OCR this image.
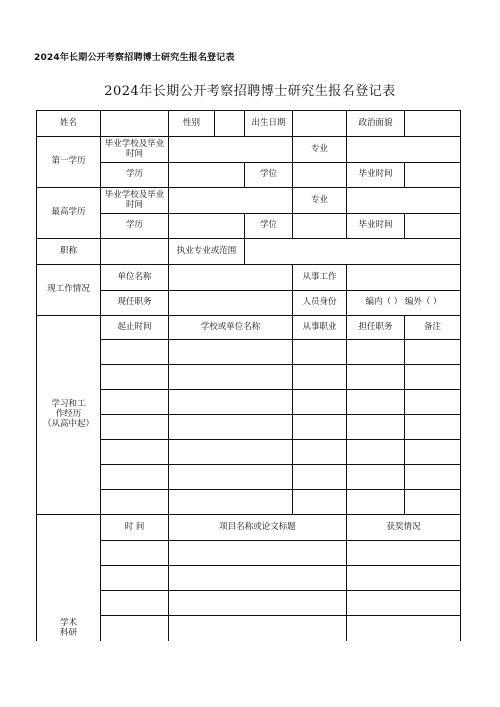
2024年长期公开考察招聘博士研究生报名登记表
2024年长期公开考察招聘博士研究生报名登记表
姓名		性别		出生日期		政治面貌	
第一学历	毕业学校及毕业时间				专业		
	学历			学位		毕业时间	
最高学历	毕业学校及毕业时间				专业		
	学历			学位		毕业时间	
职称		执业专业或范围					
现工作情况	单位名称				从事工作		
	现任职务				人员身份	编内（ ） 编外（ ）	

学习和工
作经历
（从高中起）	起止时间	学校或单位名称			从事职业	担任职务	备注

学术
科研	时 间	项目名称或论文标题				获奖情况	
